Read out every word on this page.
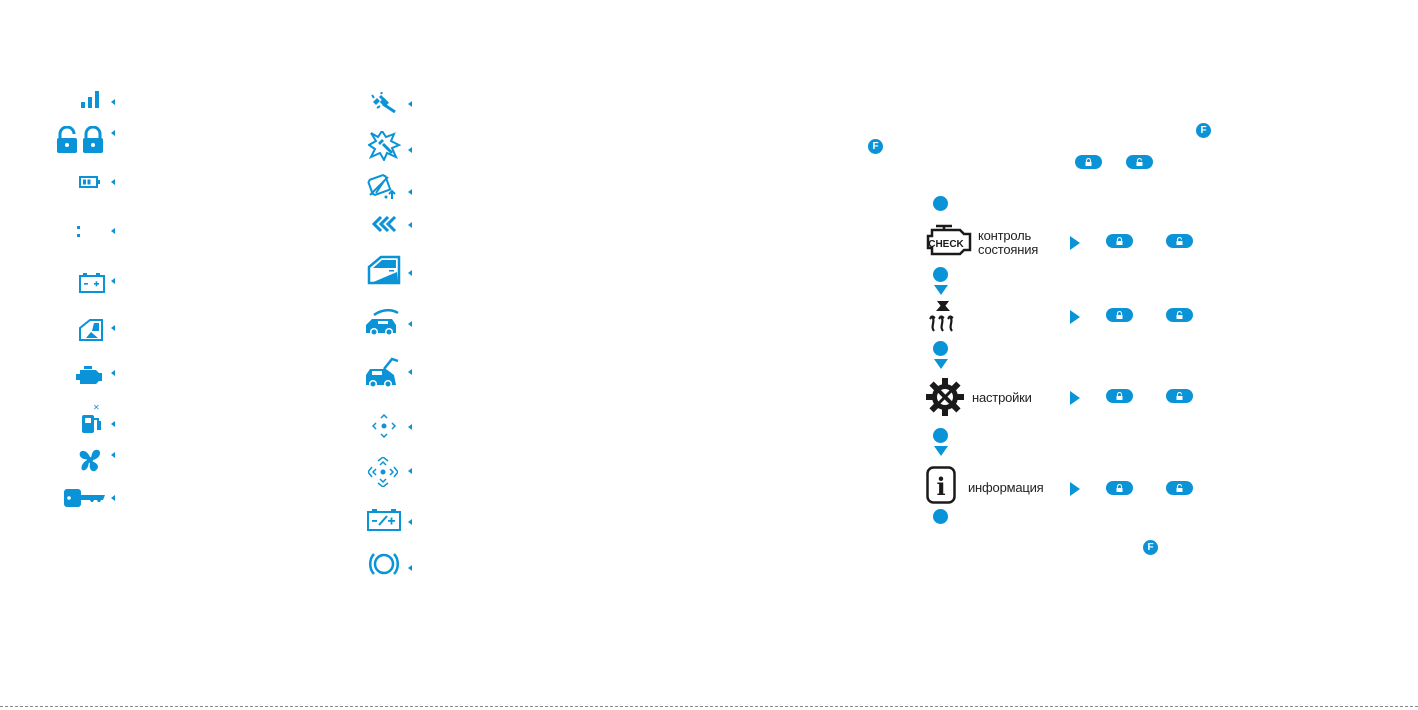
✕
F
F
F
CHECK
контроль
состояния
настройки
i информация
